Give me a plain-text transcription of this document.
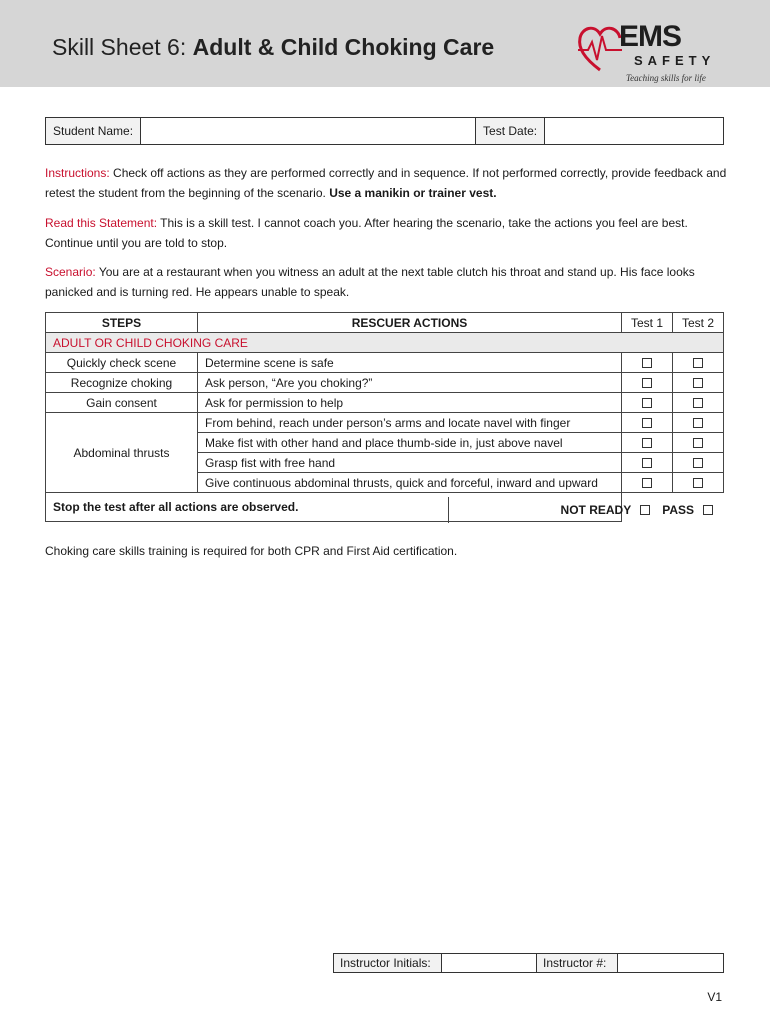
Skill Sheet 6: Adult & Child Choking Care	EMS
SAFETY
Teaching skills for life
Student Name:		Test Date:	

Instructions: Check off actions as they are performed correctly and in sequence. If not performed correctly, provide feedback and retest the student from the beginning of the scenario. Use a manikin or trainer vest.

Read this Statement: This is a skill test. I cannot coach you. After hearing the scenario, take the actions you feel are best. Continue until you are told to stop.

Scenario: You are at a restaurant when you witness an adult at the next table clutch his throat and stand up. His face looks panicked and is turning red. He appears unable to speak.

STEPS	RESCUER ACTIONS	Test 1	Test 2
ADULT OR CHILD CHOKING CARE			
Quickly check scene	Determine scene is safe		
Recognize choking	Ask person, “Are you choking?”		
Gain consent	Ask for permission to help		
Abdominal thrusts	From behind, reach under person’s arms and locate navel with finger		
	Make fist with other hand and place thumb-side in, just above navel		
	Grasp fist with free hand		
	Give continuous abdominal thrusts, quick and forceful, inward and upward		
Stop the test after all actions are observed.			NOT READY	PASS

Choking care skills training is required for both CPR and First Aid certification.

Instructor Initials:		Instructor #:	
V1
